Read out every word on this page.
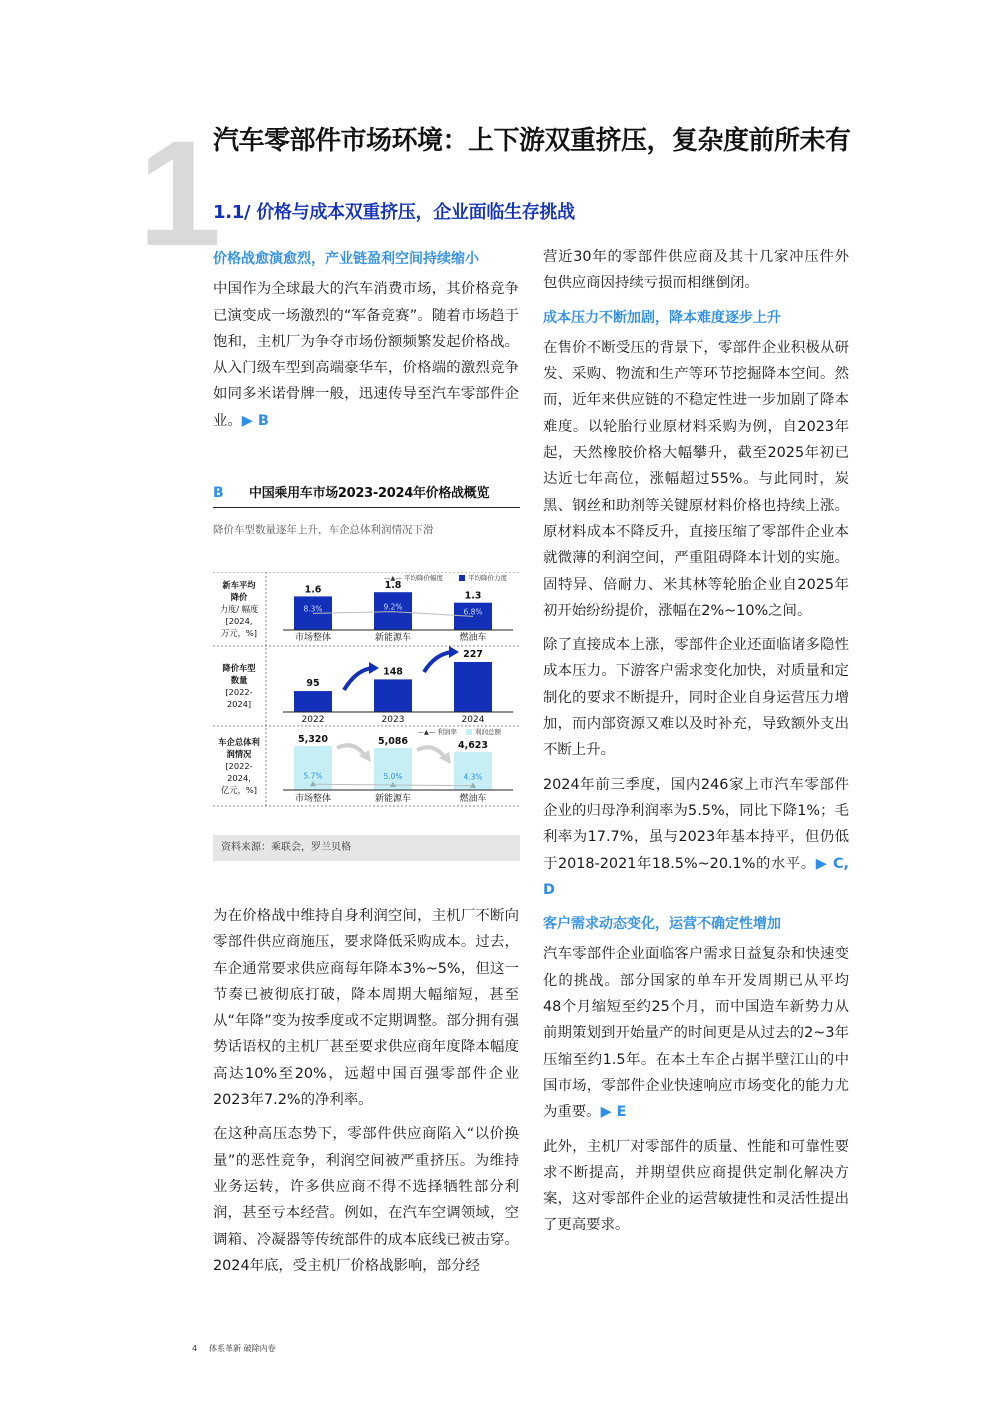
1
汽车零部件市场环境：上下游双重挤压，复杂度前所未有
1.1/ 价格与成本双重挤压，企业面临生存挑战

价格战愈演愈烈，产业链盈利空间持续缩小

中国作为全球最大的汽车消费市场，其价格竞争已演变成一场激烈的“军备竞赛”。随着市场趋于饱和，主机厂为争夺市场份额频繁发起价格战。从入门级车型到高端豪华车，价格端的激烈竞争如同多米诺骨牌一般，迅速传导至汽车零部件企业。▶ B

B	中国乘用车市场2023-2024年价格战概览
降价车型数量逐年上升，车企总体利润情况下滑
新车平均
降价
力度/ 幅度
[2024,
万元，%]
—▲— 平均降价幅度	平均降价力度
1.6
8.3%
1.8
9.2%
1.3
6.8%
市场整体	新能源车	燃油车
降价车型
数量
[2022-
2024]
95
148
227
2022	2023	2024
车企总体利
润情况
[2022-
2024,
亿元，%]
—▲— 利润率	利润总额
5,320
5.7%
5,086
5.0%
4,623
4.3%
市场整体	新能源车	燃油车
资料来源：乘联会，罗兰贝格

为在价格战中维持自身利润空间，主机厂不断向零部件供应商施压，要求降低采购成本。过去，车企通常要求供应商每年降本3%~5%，但这一节奏已被彻底打破，降本周期大幅缩短，甚至从“年降”变为按季度或不定期调整。部分拥有强势话语权的主机厂甚至要求供应商年度降本幅度高达10%至20%，远超中国百强零部件企业2023年7.2%的净利率。

在这种高压态势下，零部件供应商陷入“以价换量”的恶性竞争，利润空间被严重挤压。为维持业务运转，许多供应商不得不选择牺牲部分利润，甚至亏本经营。例如，在汽车空调领域，空调箱、冷凝器等传统部件的成本底线已被击穿。2024年底，受主机厂价格战影响，部分经

营近30年的零部件供应商及其十几家冲压件外包供应商因持续亏损而相继倒闭。

成本压力不断加剧，降本难度逐步上升

在售价不断受压的背景下，零部件企业积极从研发、采购、物流和生产等环节挖掘降本空间。然而，近年来供应链的不稳定性进一步加剧了降本难度。以轮胎行业原材料采购为例，自2023年起，天然橡胶价格大幅攀升，截至2025年初已达近七年高位，涨幅超过55%。与此同时，炭黑、钢丝和助剂等关键原材料价格也持续上涨。原材料成本不降反升，直接压缩了零部件企业本就微薄的利润空间，严重阻碍降本计划的实施。固特异、倍耐力、米其林等轮胎企业自2025年初开始纷纷提价，涨幅在2%~10%之间。

除了直接成本上涨，零部件企业还面临诸多隐性成本压力。下游客户需求变化加快，对质量和定制化的要求不断提升，同时企业自身运营压力增加，而内部资源又难以及时补充，导致额外支出不断上升。

2024年前三季度，国内246家上市汽车零部件企业的归母净利润率为5.5%，同比下降1%；毛利率为17.7%，虽与2023年基本持平，但仍低于2018-2021年18.5%~20.1%的水平。▶ C, D

客户需求动态变化，运营不确定性增加

汽车零部件企业面临客户需求日益复杂和快速变化的挑战。部分国家的单车开发周期已从平均48个月缩短至约25个月，而中国造车新势力从前期策划到开始量产的时间更是从过去的2~3年压缩至约1.5年。在本土车企占据半壁江山的中国市场，零部件企业快速响应市场变化的能力尤为重要。▶ E

此外，主机厂对零部件的质量、性能和可靠性要求不断提高，并期望供应商提供定制化解决方案，这对零部件企业的运营敏捷性和灵活性提出了更高要求。

4 体系革新 破除内卷
